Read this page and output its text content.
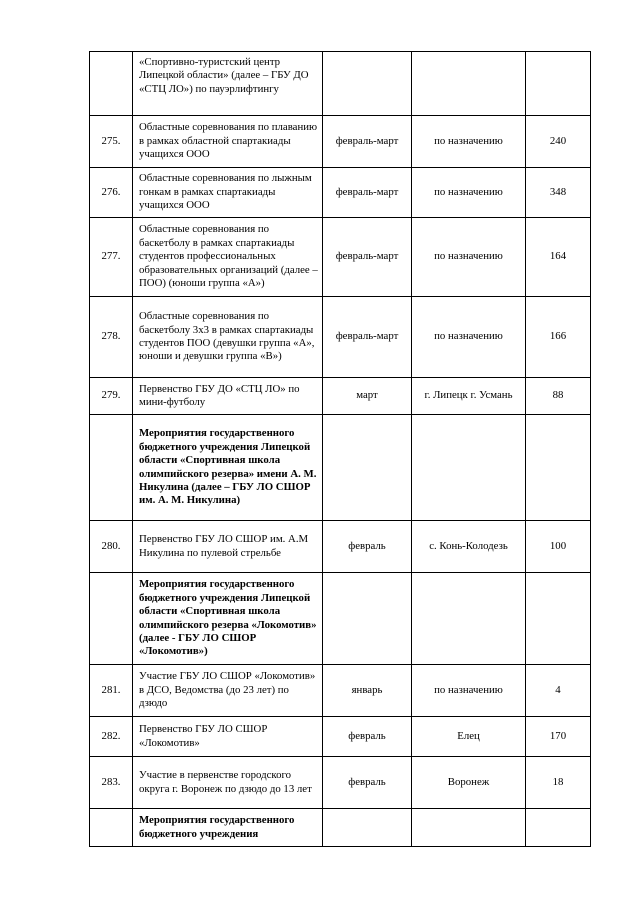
	«Спортивно-туристский центр Липецкой области» (далее – ГБУ ДО «СТЦ ЛО») по пауэрлифтингу			
275.	Областные соревнования по плаванию в рамках областной спартакиады учащихся ООО	февраль-март	по назначению	240
276.	Областные соревнования по лыжным гонкам в рамках спартакиады учащихся ООО	февраль-март	по назначению	348
277.	Областные соревнования по баскетболу в рамках спартакиады студентов профессиональных образовательных организаций (далее –ПОО) (юноши группа «А»)	февраль-март	по назначению	164
278.	Областные соревнования по баскетболу 3х3 в рамках спартакиады студентов ПОО (девушки группа «А», юноши и девушки группа «В»)	февраль-март	по назначению	166
279.	Первенство ГБУ ДО «СТЦ ЛО» по мини-футболу	март	г. Липецк г. Усмань	88
	Мероприятия государственного бюджетного учреждения Липецкой области «Спортивная школа олимпийского резерва» имени А. М. Никулина (далее – ГБУ ЛО СШОР им. А. М. Никулина)			
280.	Первенство ГБУ ЛО СШОР им. А.М Никулина по пулевой стрельбе	февраль	с. Конь-Колодезь	100
	Мероприятия государственного бюджетного учреждения Липецкой области «Спортивная школа олимпийского резерва «Локомотив» (далее - ГБУ ЛО СШОР «Локомотив»)			
281.	Участие ГБУ ЛО СШОР «Локомотив» в ДСО, Ведомства (до 23 лет) по дзюдо	январь	по назначению	4
282.	Первенство ГБУ ЛО СШОР «Локомотив»	февраль	Елец	170
283.	Участие в первенстве городского округа г. Воронеж по дзюдо до 13 лет	февраль	Воронеж	18
	Мероприятия государственного бюджетного учреждения			
